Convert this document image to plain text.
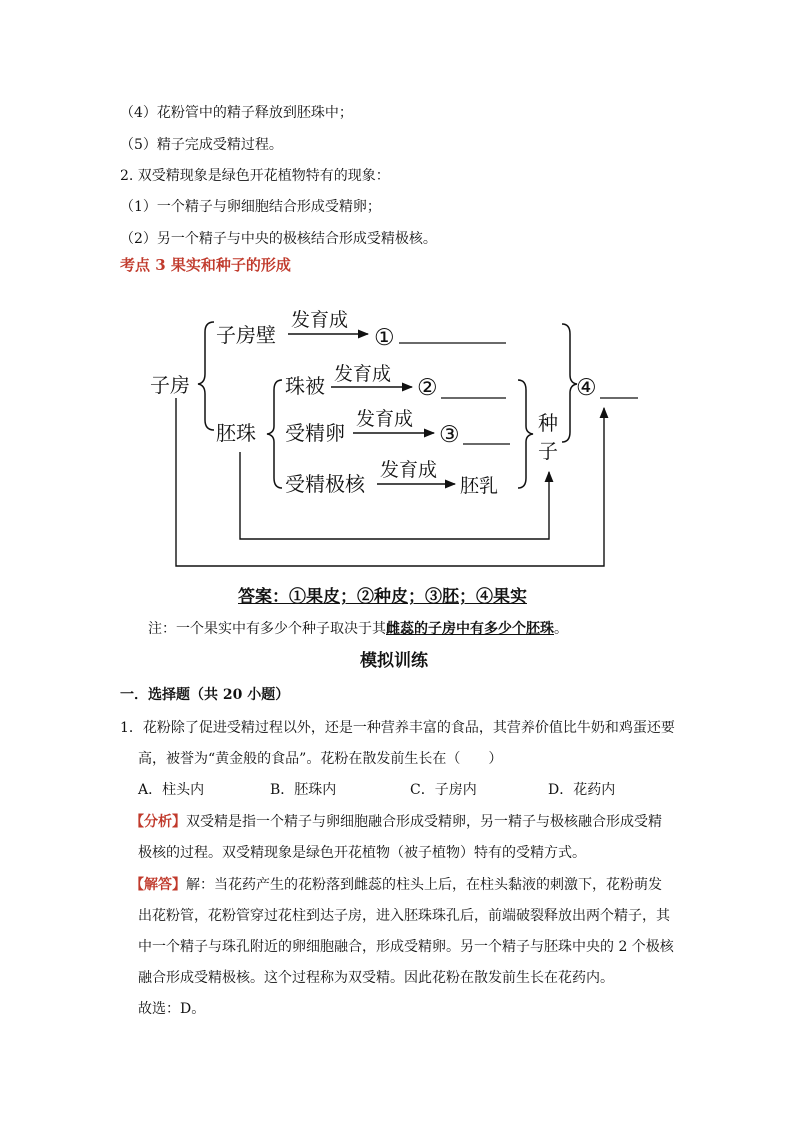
（4）花粉管中的精子释放到胚珠中；
（5）精子完成受精过程。
2. 双受精现象是绿色开花植物特有的现象：
（1）一个精子与卵细胞结合形成受精卵；
（2）另一个精子与中央的极核结合形成受精极核。
考点 3 果实和种子的形成
子房
子房壁
胚珠
珠被
受精卵
受精极核
发育成
发育成
发育成
发育成
①
②
③
④
胚乳
种
子
答案：①果皮；②种皮；③胚；④果实
注：一个果实中有多少个种子取决于其雌蕊的子房中有多少个胚珠。
模拟训练
一．选择题（共 20 小题）
1．花粉除了促进受精过程以外，还是一种营养丰富的食品，其营养价值比牛奶和鸡蛋还要
高，被誉为“黄金般的食品”。花粉在散发前生长在（　　）
A．柱头内	B．胚珠内	C．子房内	D．花药内
【分析】双受精是指一个精子与卵细胞融合形成受精卵，另一精子与极核融合形成受精
极核的过程。双受精现象是绿色开花植物（被子植物）特有的受精方式。
【解答】解：当花药产生的花粉落到雌蕊的柱头上后，在柱头黏液的刺激下，花粉萌发
出花粉管，花粉管穿过花柱到达子房，进入胚珠珠孔后，前端破裂释放出两个精子，其
中一个精子与珠孔附近的卵细胞融合，形成受精卵。另一个精子与胚珠中央的 2 个极核
融合形成受精极核。这个过程称为双受精。因此花粉在散发前生长在花药内。
故选：D。
